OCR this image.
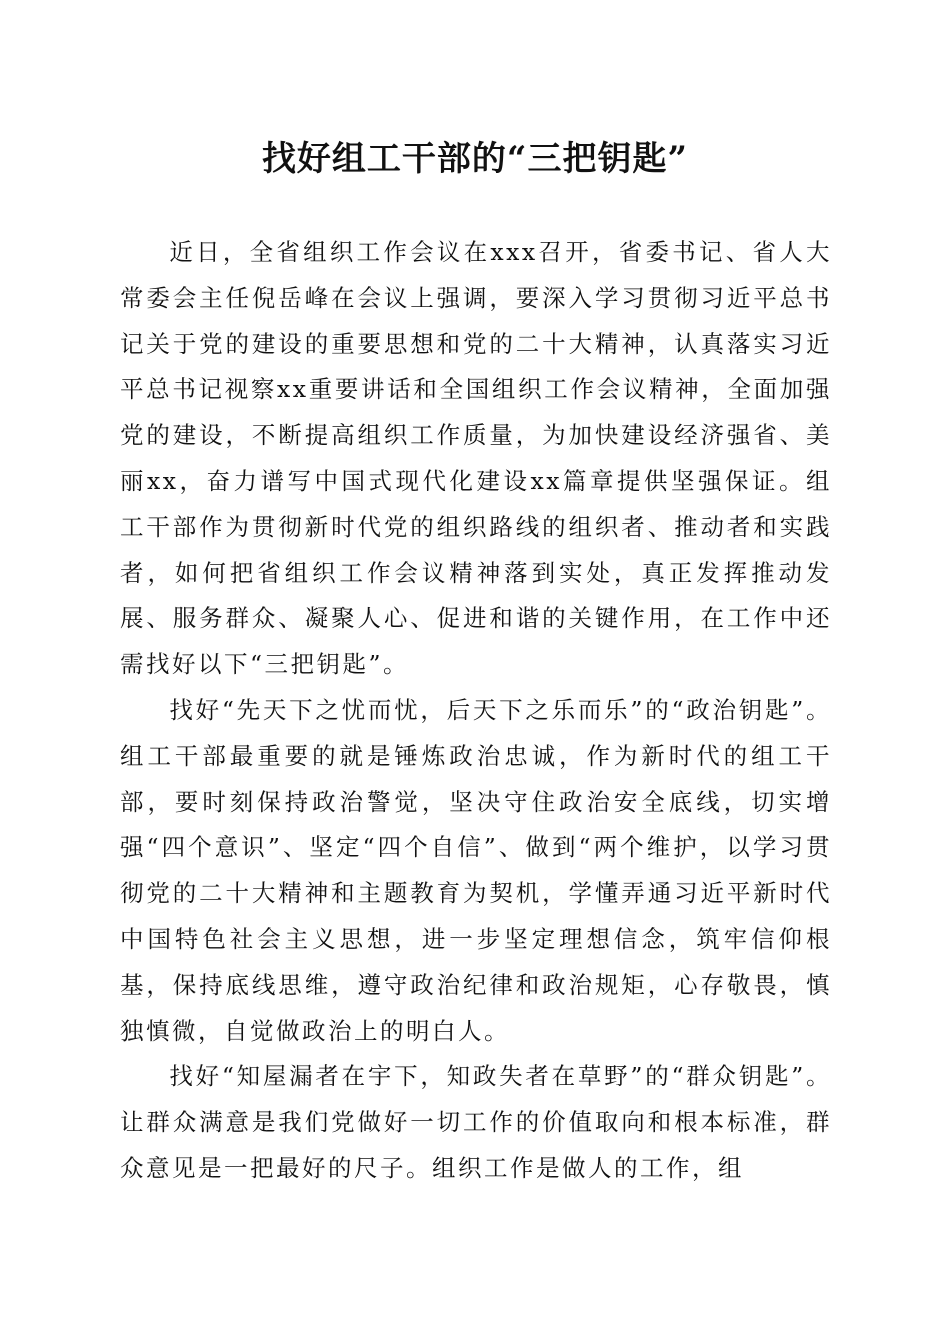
找好组工干部的“三把钥匙”

近日，全省组织工作会议在xxx召开，省委书记、省人大常委会主任倪岳峰在会议上强调，要深入学习贯彻习近平总书记关于党的建设的重要思想和党的二十大精神，认真落实习近平总书记视察xx重要讲话和全国组织工作会议精神，全面加强党的建设，不断提高组织工作质量，为加快建设经济强省、美丽xx，奋力谱写中国式现代化建设xx篇章提供坚强保证。组工干部作为贯彻新时代党的组织路线的组织者、推动者和实践者，如何把省组织工作会议精神落到实处，真正发挥推动发展、服务群众、凝聚人心、促进和谐的关键作用，在工作中还需找好以下“三把钥匙”。

找好“先天下之忧而忧，后天下之乐而乐”的“政治钥匙”。组工干部最重要的就是锤炼政治忠诚，作为新时代的组工干部，要时刻保持政治警觉，坚决守住政治安全底线，切实增强“四个意识”、坚定“四个自信”、做到“两个维护，以学习贯彻党的二十大精神和主题教育为契机，学懂弄通习近平新时代中国特色社会主义思想，进一步坚定理想信念，筑牢信仰根基，保持底线思维，遵守政治纪律和政治规矩，心存敬畏，慎独慎微，自觉做政治上的明白人。

找好“知屋漏者在宇下，知政失者在草野”的“群众钥匙”。让群众满意是我们党做好一切工作的价值取向和根本标准，群众意见是一把最好的尺子。组织工作是做人的工作，组
